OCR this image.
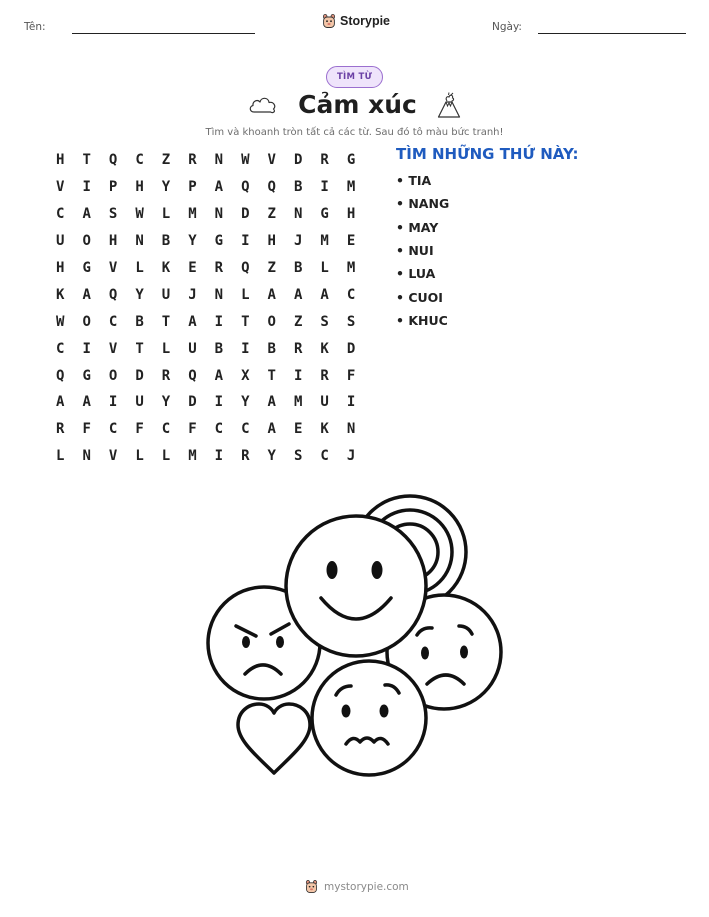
Tên:	Storypie	Ngày:
TÌM TỪ
Cảm xúc
Tìm và khoanh tròn tất cả các từ. Sau đó tô màu bức tranh!
H	T	Q	C	Z	R	N	W	V	D	R	G
V	I	P	H	Y	P	A	Q	Q	B	I	M
C	A	S	W	L	M	N	D	Z	N	G	H
U	O	H	N	B	Y	G	I	H	J	M	E
H	G	V	L	K	E	R	Q	Z	B	L	M
K	A	Q	Y	U	J	N	L	A	A	A	C
W	O	C	B	T	A	I	T	O	Z	S	S
C	I	V	T	L	U	B	I	B	R	K	D
Q	G	O	D	R	Q	A	X	T	I	R	F
A	A	I	U	Y	D	I	Y	A	M	U	I
R	F	C	F	C	F	C	C	A	E	K	N
L	N	V	L	L	M	I	R	Y	S	C	J
TÌM NHỮNG THỨ NÀY:
• TIA
• NANG
• MAY
• NUI
• LUA
• CUOI
• KHUC
mystorypie.com
